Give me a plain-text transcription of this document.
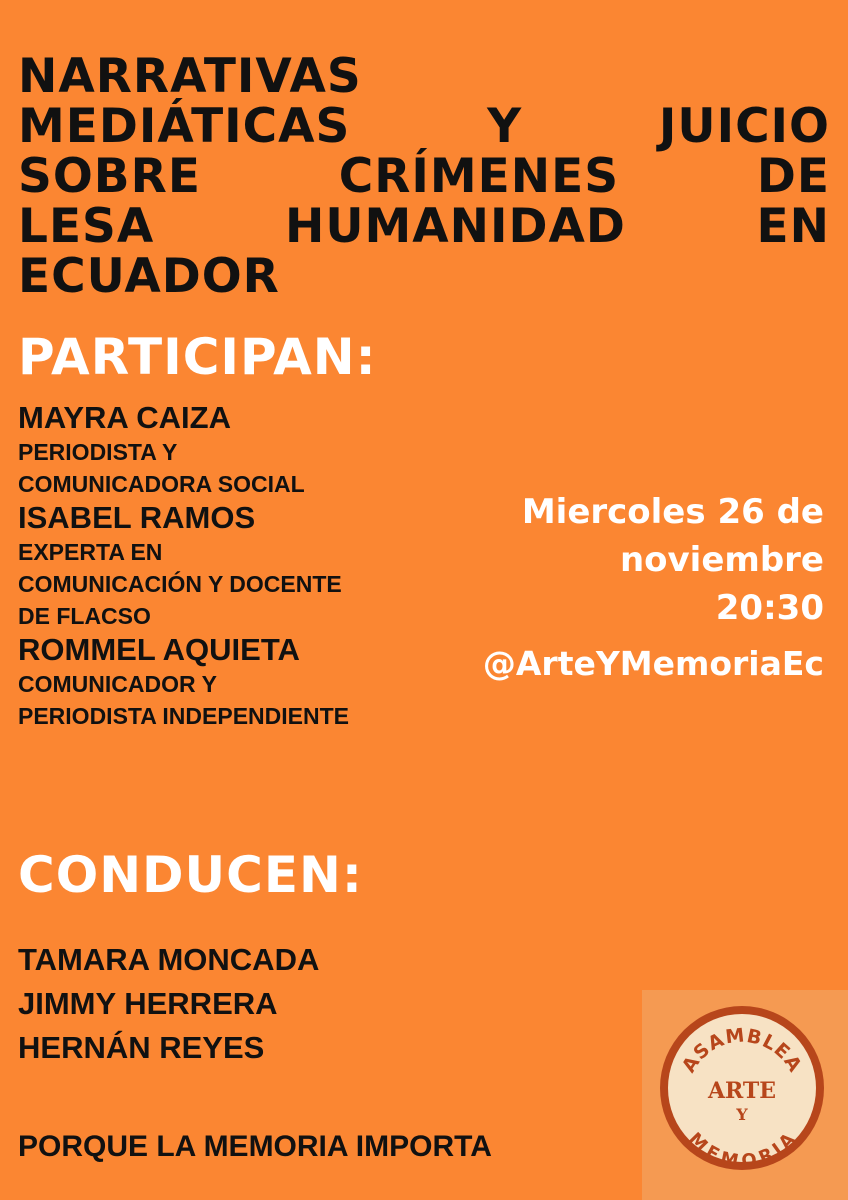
NARRATIVAS
MEDIÁTICAS Y JUICIO
SOBRE CRÍMENES DE
LESA HUMANIDAD EN
ECUADOR
PARTICIPAN:
MAYRA CAIZA
PERIODISTA Y
COMUNICADORA SOCIAL
ISABEL RAMOS
EXPERTA EN
COMUNICACIÓN Y DOCENTE
DE FLACSO
ROMMEL AQUIETA
COMUNICADOR Y
PERIODISTA INDEPENDIENTE
Miercoles 26 de
noviembre
20:30
@ArteYMemoriaEc
CONDUCEN:
TAMARA MONCADA
JIMMY HERRERA
HERNÁN REYES
PORQUE LA MEMORIA IMPORTA
ASAMBLEA
ARTE
Y
MEMORIA
